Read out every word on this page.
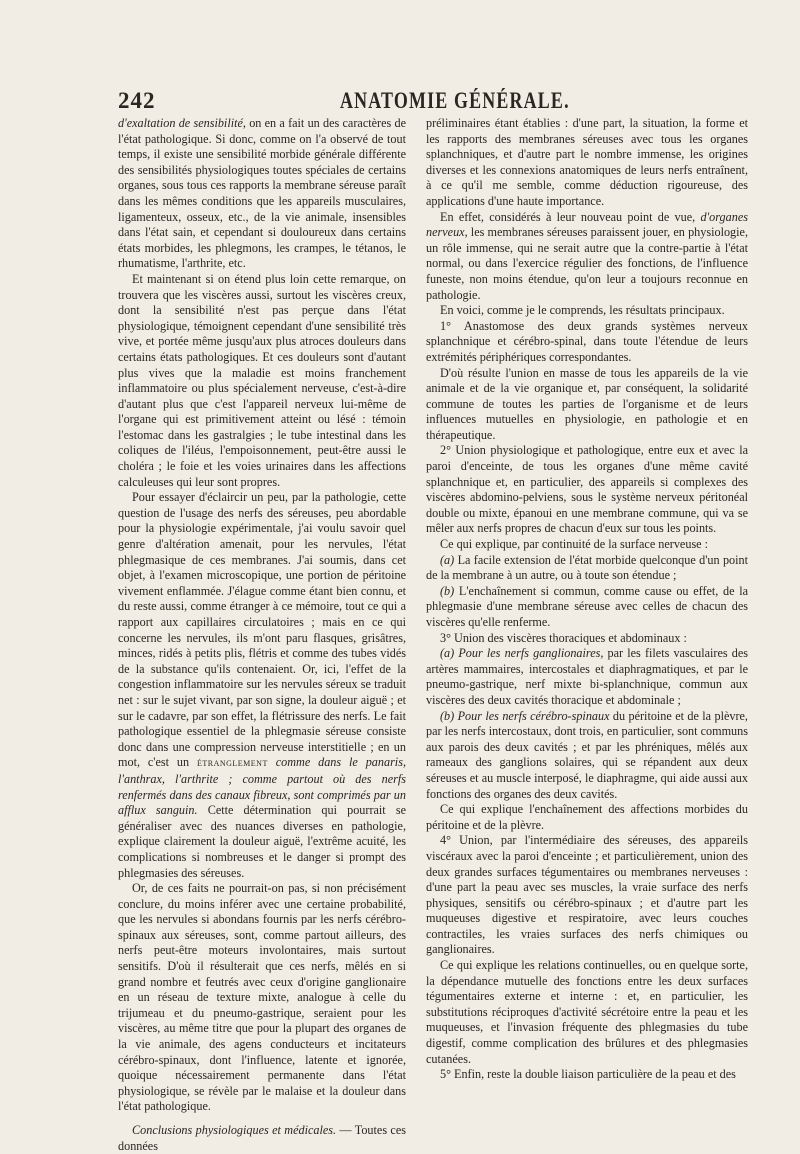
242	ANATOMIE GÉNÉRALE.

d'exaltation de sensibilité, on en a fait un des caractères de l'état pathologique. Si donc, comme on l'a observé de tout temps, il existe une sensibilité morbide générale différente des sensibilités physiologiques toutes spéciales de certains organes, sous tous ces rapports la membrane séreuse paraît dans les mêmes conditions que les appareils musculaires, ligamenteux, osseux, etc., de la vie animale, insensibles dans l'état sain, et cependant si douloureux dans certains états morbides, les phlegmons, les crampes, le tétanos, le rhumatisme, l'arthrite, etc.

Et maintenant si on étend plus loin cette remarque, on trouvera que les viscères aussi, surtout les viscères creux, dont la sensibilité n'est pas perçue dans l'état physiologique, témoignent cependant d'une sensibilité très vive, et portée même jusqu'aux plus atroces douleurs dans certains états pathologiques. Et ces douleurs sont d'autant plus vives que la maladie est moins franchement inflammatoire ou plus spécialement nerveuse, c'est-à-dire d'autant plus que c'est l'appareil nerveux lui-même de l'organe qui est primitivement atteint ou lésé : témoin l'estomac dans les gastralgies ; le tube intestinal dans les coliques de l'iléus, l'empoisonnement, peut-être aussi le choléra ; le foie et les voies urinaires dans les affections calculeuses qui leur sont propres.

Pour essayer d'éclaircir un peu, par la pathologie, cette question de l'usage des nerfs des séreuses, peu abordable pour la physiologie expérimentale, j'ai voulu savoir quel genre d'altération amenait, pour les nervules, l'état phlegmasique de ces membranes. J'ai soumis, dans cet objet, à l'examen microscopique, une portion de péritoine vivement enflammée. J'élague comme étant bien connu, et du reste aussi, comme étranger à ce mémoire, tout ce qui a rapport aux capillaires circulatoires ; mais en ce qui concerne les nervules, ils m'ont paru flasques, grisâtres, minces, ridés à petits plis, flétris et comme des tubes vidés de la substance qu'ils contenaient. Or, ici, l'effet de la congestion inflammatoire sur les nervules séreux se traduit net : sur le sujet vivant, par son signe, la douleur aiguë ; et sur le cadavre, par son effet, la flétrissure des nerfs. Le fait pathologique essentiel de la phlegmasie séreuse consiste donc dans une compression nerveuse interstitielle ; en un mot, c'est un étranglement comme dans le panaris, l'anthrax, l'arthrite ; comme partout où des nerfs renfermés dans des canaux fibreux, sont comprimés par un afflux sanguin. Cette détermination qui pourrait se généraliser avec des nuances diverses en pathologie, explique clairement la douleur aiguë, l'extrême acuité, les complications si nombreuses et le danger si prompt des phlegmasies des séreuses.

Or, de ces faits ne pourrait-on pas, si non précisément conclure, du moins inférer avec une certaine probabilité, que les nervules si abondans fournis par les nerfs cérébro-spinaux aux séreuses, sont, comme partout ailleurs, des nerfs peut-être moteurs involontaires, mais surtout sensitifs. D'où il résulterait que ces nerfs, mêlés en si grand nombre et feutrés avec ceux d'origine ganglionaire en un réseau de texture mixte, analogue à celle du trijumeau et du pneumo-gastrique, seraient pour les viscères, au même titre que pour la plupart des organes de la vie animale, des agens conducteurs et incitateurs cérébro-spinaux, dont l'influence, latente et ignorée, quoique nécessairement permanente dans l'état physiologique, se révèle par le malaise et la douleur dans l'état pathologique.

Conclusions physiologiques et médicales. — Toutes ces données

préliminaires étant établies : d'une part, la situation, la forme et les rapports des membranes séreuses avec tous les organes splanchniques, et d'autre part le nombre immense, les origines diverses et les connexions anatomiques de leurs nerfs entraînent, à ce qu'il me semble, comme déduction rigoureuse, des applications d'une haute importance.

En effet, considérés à leur nouveau point de vue, d'organes nerveux, les membranes séreuses paraissent jouer, en physiologie, un rôle immense, qui ne serait autre que la contre-partie à l'état normal, ou dans l'exercice régulier des fonctions, de l'influence funeste, non moins étendue, qu'on leur a toujours reconnue en pathologie.

En voici, comme je le comprends, les résultats principaux.

1° Anastomose des deux grands systèmes nerveux splanchnique et cérébro-spinal, dans toute l'étendue de leurs extrémités périphériques correspondantes.

D'où résulte l'union en masse de tous les appareils de la vie animale et de la vie organique et, par conséquent, la solidarité commune de toutes les parties de l'organisme et de leurs influences mutuelles en physiologie, en pathologie et en thérapeutique.

2° Union physiologique et pathologique, entre eux et avec la paroi d'enceinte, de tous les organes d'une même cavité splanchnique et, en particulier, des appareils si complexes des viscères abdomino-pelviens, sous le système nerveux péritonéal double ou mixte, épanoui en une membrane commune, qui va se mêler aux nerfs propres de chacun d'eux sur tous les points.

Ce qui explique, par continuité de la surface nerveuse :

(a) La facile extension de l'état morbide quelconque d'un point de la membrane à un autre, ou à toute son étendue ;

(b) L'enchaînement si commun, comme cause ou effet, de la phlegmasie d'une membrane séreuse avec celles de chacun des viscères qu'elle renferme.

3° Union des viscères thoraciques et abdominaux :

(a) Pour les nerfs ganglionaires, par les filets vasculaires des artères mammaires, intercostales et diaphragmatiques, et par le pneumo-gastrique, nerf mixte bi-splanchnique, commun aux viscères des deux cavités thoracique et abdominale ;

(b) Pour les nerfs cérébro-spinaux du péritoine et de la plèvre, par les nerfs intercostaux, dont trois, en particulier, sont communs aux parois des deux cavités ; et par les phréniques, mêlés aux rameaux des ganglions solaires, qui se répandent aux deux séreuses et au muscle interposé, le diaphragme, qui aide aussi aux fonctions des organes des deux cavités.

Ce qui explique l'enchaînement des affections morbides du péritoine et de la plèvre.

4° Union, par l'intermédiaire des séreuses, des appareils viscéraux avec la paroi d'enceinte ; et particulièrement, union des deux grandes surfaces tégumentaires ou membranes nerveuses : d'une part la peau avec ses muscles, la vraie surface des nerfs physiques, sensitifs ou cérébro-spinaux ; et d'autre part les muqueuses digestive et respiratoire, avec leurs couches contractiles, les vraies surfaces des nerfs chimiques ou ganglionaires.

Ce qui explique les relations continuelles, ou en quelque sorte, la dépendance mutuelle des fonctions entre les deux surfaces tégumentaires externe et interne : et, en particulier, les substitutions réciproques d'activité sécrétoire entre la peau et les muqueuses, et l'invasion fréquente des phlegmasies du tube digestif, comme complication des brûlures et des phlegmasies cutanées.

5° Enfin, reste la double liaison particulière de la peau et des
